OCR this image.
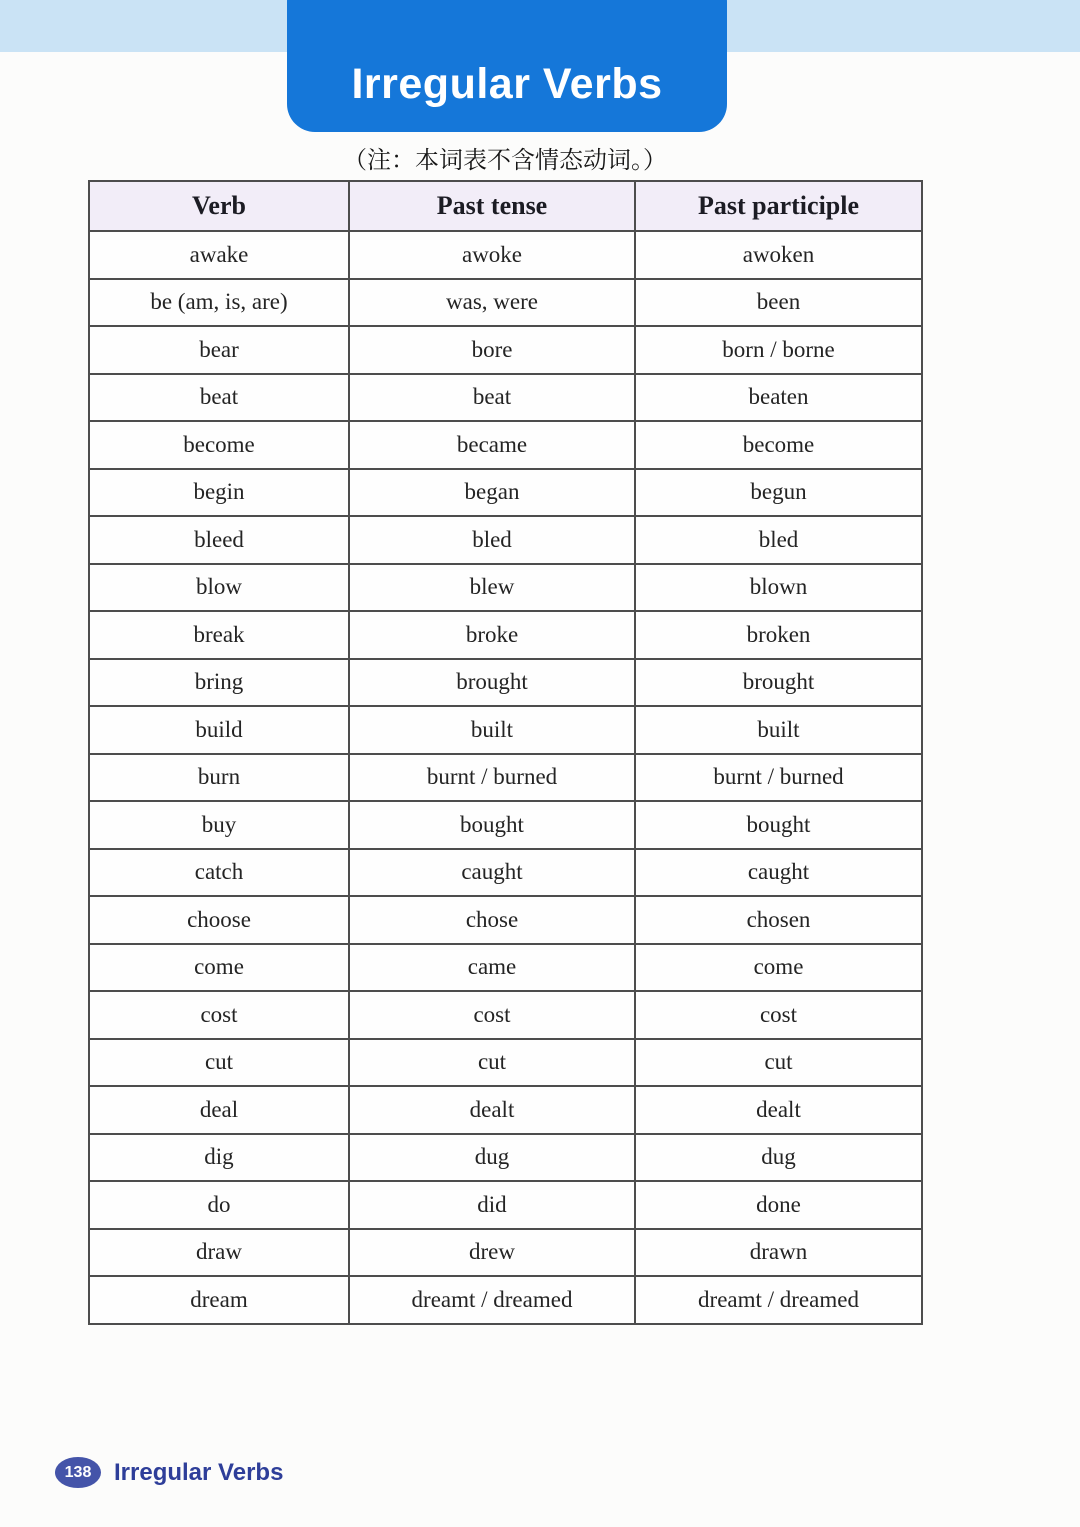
Irregular Verbs
（注：本词表不含情态动词。）
Verb	Past tense	Past participle
awake	awoke	awoken
be (am, is, are)	was, were	been
bear	bore	born / borne
beat	beat	beaten
become	became	become
begin	began	begun
bleed	bled	bled
blow	blew	blown
break	broke	broken
bring	brought	brought
build	built	built
burn	burnt / burned	burnt / burned
buy	bought	bought
catch	caught	caught
choose	chose	chosen
come	came	come
cost	cost	cost
cut	cut	cut
deal	dealt	dealt
dig	dug	dug
do	did	done
draw	drew	drawn
dream	dreamt / dreamed	dreamt / dreamed
138 Irregular Verbs
